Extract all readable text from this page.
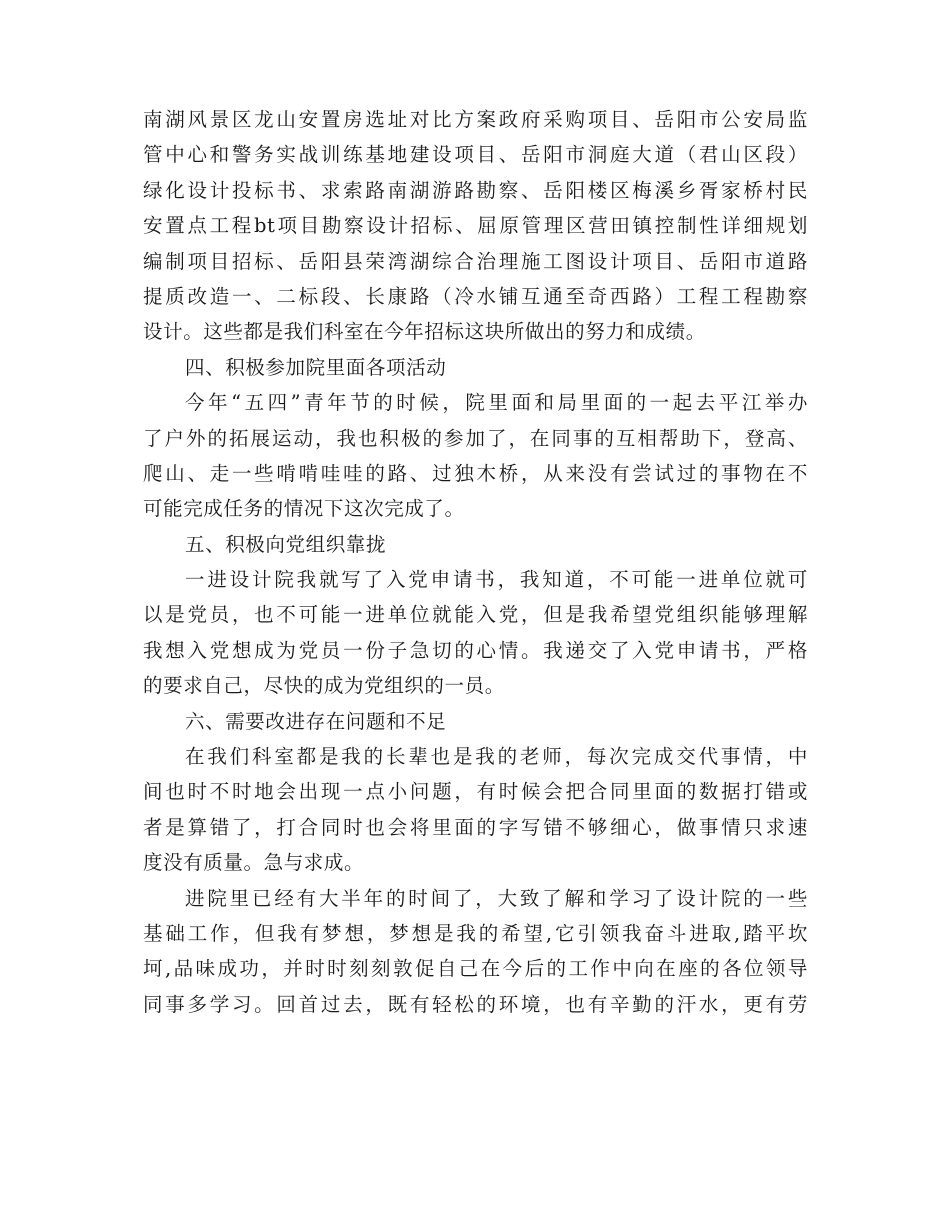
南湖风景区龙山安置房选址对比方案政府采购项目、岳阳市公安局监
管中心和警务实战训练基地建设项目、岳阳市洞庭大道（君山区段）
绿化设计投标书、求索路南湖游路勘察、岳阳楼区梅溪乡胥家桥村民
安置点工程bt项目勘察设计招标、屈原管理区营田镇控制性详细规划
编制项目招标、岳阳县荣湾湖综合治理施工图设计项目、岳阳市道路
提质改造一、二标段、长康路（冷水铺互通至奇西路）工程工程勘察
设计。这些都是我们科室在今年招标这块所做出的努力和成绩。
四、积极参加院里面各项活动
今年“五四”青年节的时候，院里面和局里面的一起去平江举办
了户外的拓展运动，我也积极的参加了，在同事的互相帮助下，登高、
爬山、走一些啃啃哇哇的路、过独木桥，从来没有尝试过的事物在不
可能完成任务的情况下这次完成了。
五、积极向党组织靠拢
一进设计院我就写了入党申请书，我知道，不可能一进单位就可
以是党员，也不可能一进单位就能入党，但是我希望党组织能够理解
我想入党想成为党员一份子急切的心情。我递交了入党申请书，严格
的要求自己，尽快的成为党组织的一员。
六、需要改进存在问题和不足
在我们科室都是我的长辈也是我的老师，每次完成交代事情，中
间也时不时地会出现一点小问题，有时候会把合同里面的数据打错或
者是算错了，打合同时也会将里面的字写错不够细心，做事情只求速
度没有质量。急与求成。
进院里已经有大半年的时间了，大致了解和学习了设计院的一些
基础工作，但我有梦想，梦想是我的希望,它引领我奋斗进取,踏平坎
坷,品味成功，并时时刻刻敦促自己在今后的工作中向在座的各位领导
同事多学习。回首过去，既有轻松的环境，也有辛勤的汗水，更有劳
